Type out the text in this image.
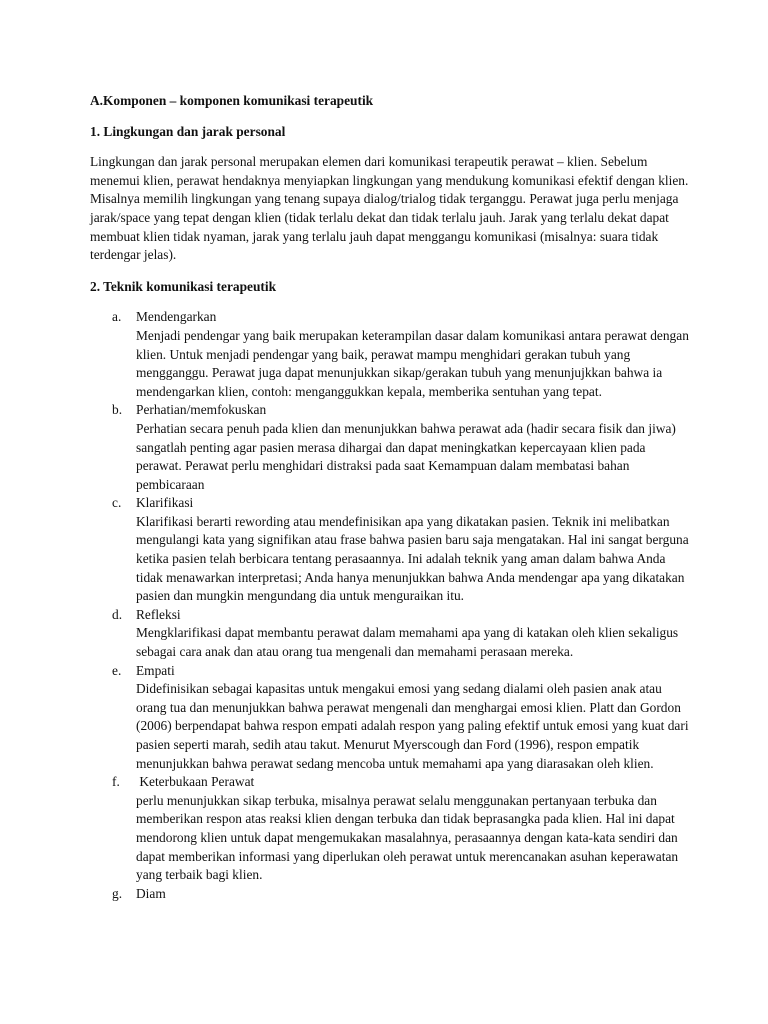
A.Komponen – komponen komunikasi terapeutik

1. Lingkungan dan jarak personal

Lingkungan dan jarak personal merupakan elemen dari komunikasi terapeutik perawat – klien. Sebelum menemui klien, perawat hendaknya menyiapkan lingkungan yang mendukung komunikasi efektif dengan klien. Misalnya memilih lingkungan yang tenang supaya dialog/trialog tidak terganggu. Perawat juga perlu menjaga jarak/space yang tepat dengan klien (tidak terlalu dekat dan tidak terlalu jauh. Jarak yang terlalu dekat dapat membuat klien tidak nyaman, jarak yang terlalu jauh dapat menggangu komunikasi (misalnya: suara tidak terdengar jelas).

2. Teknik komunikasi terapeutik

a. Mendengarkan
Menjadi pendengar yang baik merupakan keterampilan dasar dalam komunikasi antara perawat dengan klien. Untuk menjadi pendengar yang baik, perawat mampu menghidari gerakan tubuh yang mengganggu. Perawat juga dapat menunjukkan sikap/gerakan tubuh yang menunjujkkan bahwa ia mendengarkan klien, contoh: menganggukkan kepala, memberika sentuhan yang tepat.
b. Perhatian/memfokuskan
Perhatian secara penuh pada klien dan menunjukkan bahwa perawat ada (hadir secara fisik dan jiwa) sangatlah penting agar pasien merasa dihargai dan dapat meningkatkan kepercayaan klien pada perawat. Perawat perlu menghidari distraksi pada saat Kemampuan dalam membatasi bahan pembicaraan
c. Klarifikasi
Klarifikasi berarti rewording atau mendefinisikan apa yang dikatakan pasien. Teknik ini melibatkan mengulangi kata yang signifikan atau frase bahwa pasien baru saja mengatakan. Hal ini sangat berguna ketika pasien telah berbicara tentang perasaannya. Ini adalah teknik yang aman dalam bahwa Anda tidak menawarkan interpretasi; Anda hanya menunjukkan bahwa Anda mendengar apa yang dikatakan pasien dan mungkin mengundang dia untuk menguraikan itu.
d. Refleksi
Mengklarifikasi dapat membantu perawat dalam memahami apa yang di katakan oleh klien sekaligus sebagai cara anak dan atau orang tua mengenali dan memahami perasaan mereka.
e. Empati
Didefinisikan sebagai kapasitas untuk mengakui emosi yang sedang dialami oleh pasien anak atau orang tua dan menunjukkan bahwa perawat mengenali dan menghargai emosi klien. Platt dan Gordon (2006) berpendapat bahwa respon empati adalah respon yang paling efektif untuk emosi yang kuat dari pasien seperti marah, sedih atau takut. Menurut Myerscough dan Ford (1996), respon empatik menunjukkan bahwa perawat sedang mencoba untuk memahami apa yang diarasakan oleh klien.
f. Keterbukaan Perawat
perlu menunjukkan sikap terbuka, misalnya perawat selalu menggunakan pertanyaan terbuka dan memberikan respon atas reaksi klien dengan terbuka dan tidak beprasangka pada klien. Hal ini dapat mendorong klien untuk dapat mengemukakan masalahnya, perasaannya dengan kata-kata sendiri dan dapat memberikan informasi yang diperlukan oleh perawat untuk merencanakan asuhan keperawatan yang terbaik bagi klien.
g. Diam
